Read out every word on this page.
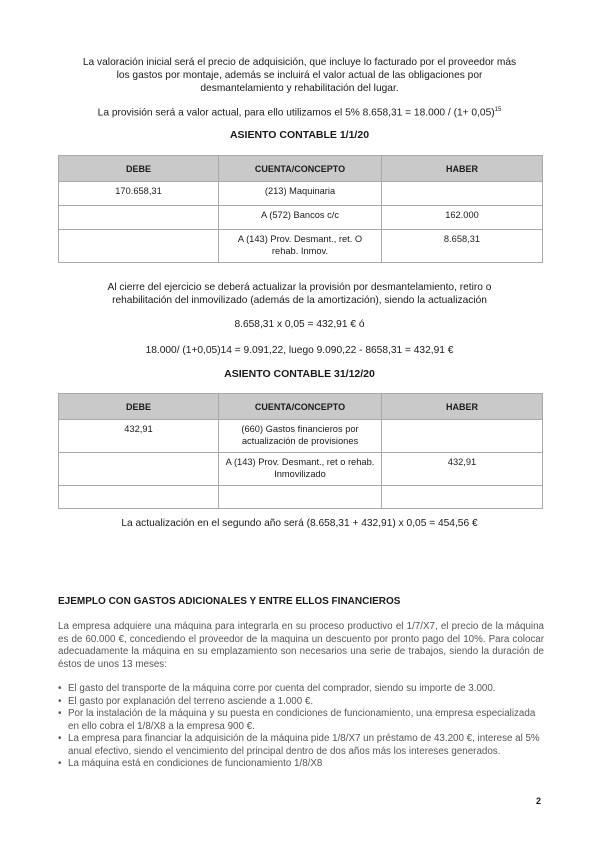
La valoración inicial será el precio de adquisición, que incluye lo facturado por el proveedor más
los gastos por montaje, además se incluirá el valor actual de las obligaciones por
desmantelamiento y rehabilitación del lugar.
La provisión será a valor actual, para ello utilizamos el 5% $8.658,31 = 18.000 / (1+ 0,05)^{15}$
ASIENTO CONTABLE 1/1/20
DEBE	CUENTA/CONCEPTO	HABER
170.658,31	(213) Maquinaria	
	A (572) Bancos c/c	162.000
	A (143) Prov. Desmant., ret. O rehab. Inmov.	8.658,31
Al cierre del ejercicio se deberá actualizar la provisión por desmantelamiento, retiro o
rehabilitación del inmovilizado (además de la amortización), siendo la actualización
8.658,31 x 0,05 = 432,91 € ó
18.000/ (1+0,05)14 = 9.091,22, luego 9.090,22 - 8658,31 = 432,91 €
ASIENTO CONTABLE 31/12/20
DEBE	CUENTA/CONCEPTO	HABER
432,91	(660) Gastos financieros por actualización de provisiones	
	A (143) Prov. Desmant., ret o rehab. Inmovilizado	432,91

La actualización en el segundo año será (8.658,31 + 432,91) x 0,05 = 454,56 €
EJEMPLO CON GASTOS ADICIONALES Y ENTRE ELLOS FINANCIEROS
La empresa adquiere una máquina para integrarla en su proceso productivo el 1/7/X7, el precio de la máquina es de 60.000 €, concediendo el proveedor de la maquina un descuento por pronto pago del 10%. Para colocar adecuadamente la máquina en su emplazamiento son necesarios una serie de trabajos, siendo la duración de éstos de unos 13 meses:
• El gasto del transporte de la máquina corre por cuenta del comprador, siendo su importe de 3.000.
• El gasto por explanación del terreno asciende a 1.000 €.
• Por la instalación de la máquina y su puesta en condiciones de funcionamiento, una empresa especializada en ello cobra el 1/8/X8 a la empresa 900 €.
• La empresa para financiar la adquisición de la máquina pide 1/8/X7 un préstamo de 43.200 €, interese al 5% anual efectivo, siendo el vencimiento del principal dentro de dos años más los intereses generados.
• La máquina está en condiciones de funcionamiento 1/8/X8
2
